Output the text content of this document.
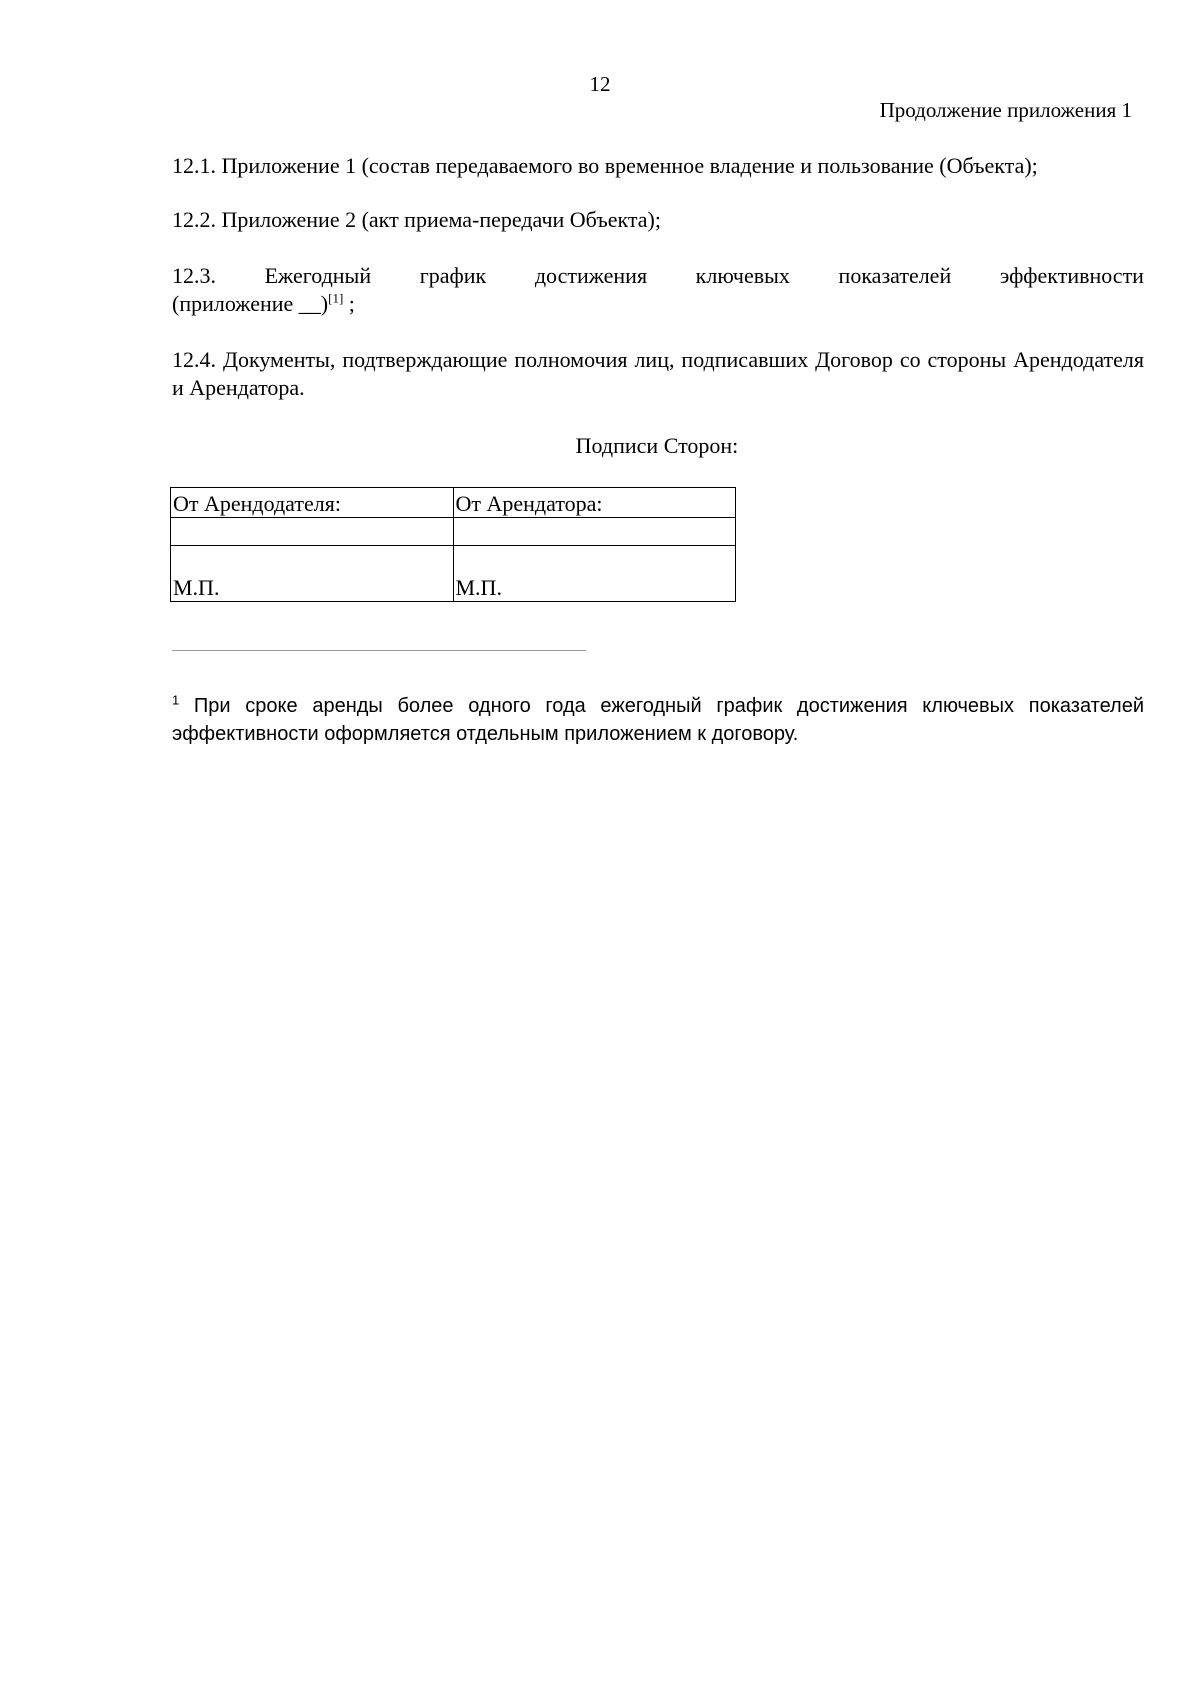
12
Продолжение приложения 1

12.1. Приложение 1 (состав передаваемого во временное владение и пользование (Объекта);

12.2. Приложение 2 (акт приема-передачи Объекта);

12.3. Ежегодный график достижения ключевых показателей эффективности
(приложение __)[1] ;

12.4. Документы, подтверждающие полномочия лиц, подписавших Договор со стороны Арендодателя и Арендатора.

Подписи Сторон:
От Арендодателя:	От Арендатора:

М.П.	М.П.

$^1$ При сроке аренды более одного года ежегодный график достижения ключевых показателей эффективности оформляется отдельным приложением к договору.
